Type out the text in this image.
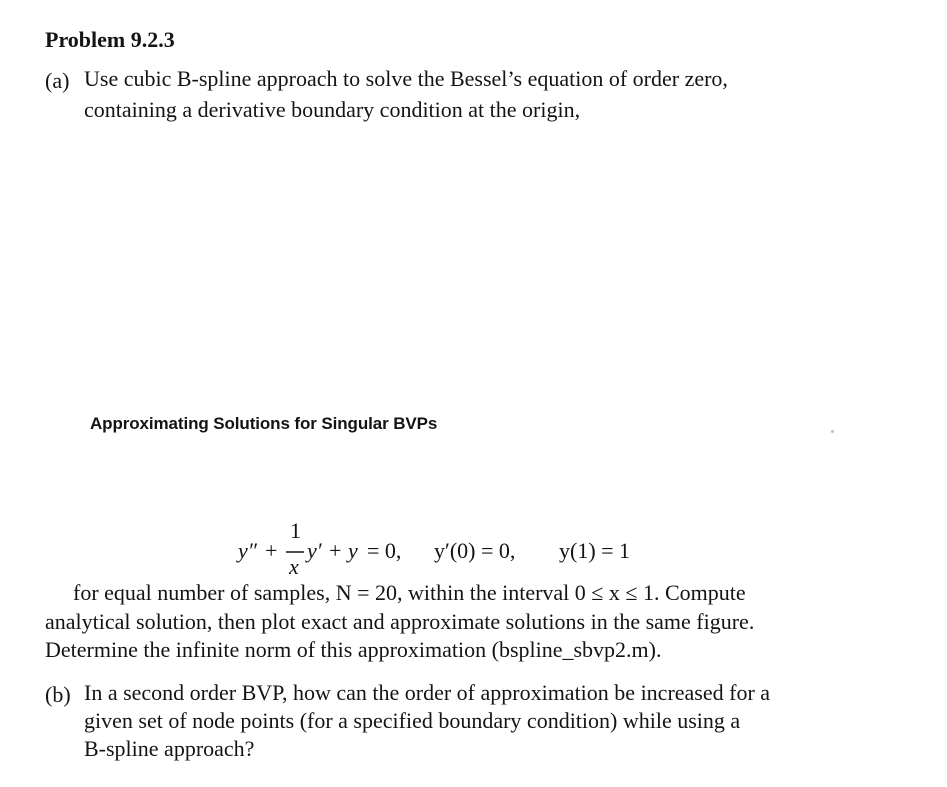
Problem 9.2.3
(a) Use cubic B-spline approach to solve the Bessel’s equation of order zero,
containing a derivative boundary condition at the origin,
Approximating Solutions for Singular BVPs
y″ +
1
x
y′ + y = 0, y′(0) = 0, y(1) = 1
for equal number of samples, N = 20, within the interval 0 ≤ x ≤ 1. Compute
analytical solution, then plot exact and approximate solutions in the same figure.
Determine the infinite norm of this approximation (bspline_sbvp2.m).
(b) In a second order BVP, how can the order of approximation be increased for a
given set of node points (for a specified boundary condition) while using a
B-spline approach?
